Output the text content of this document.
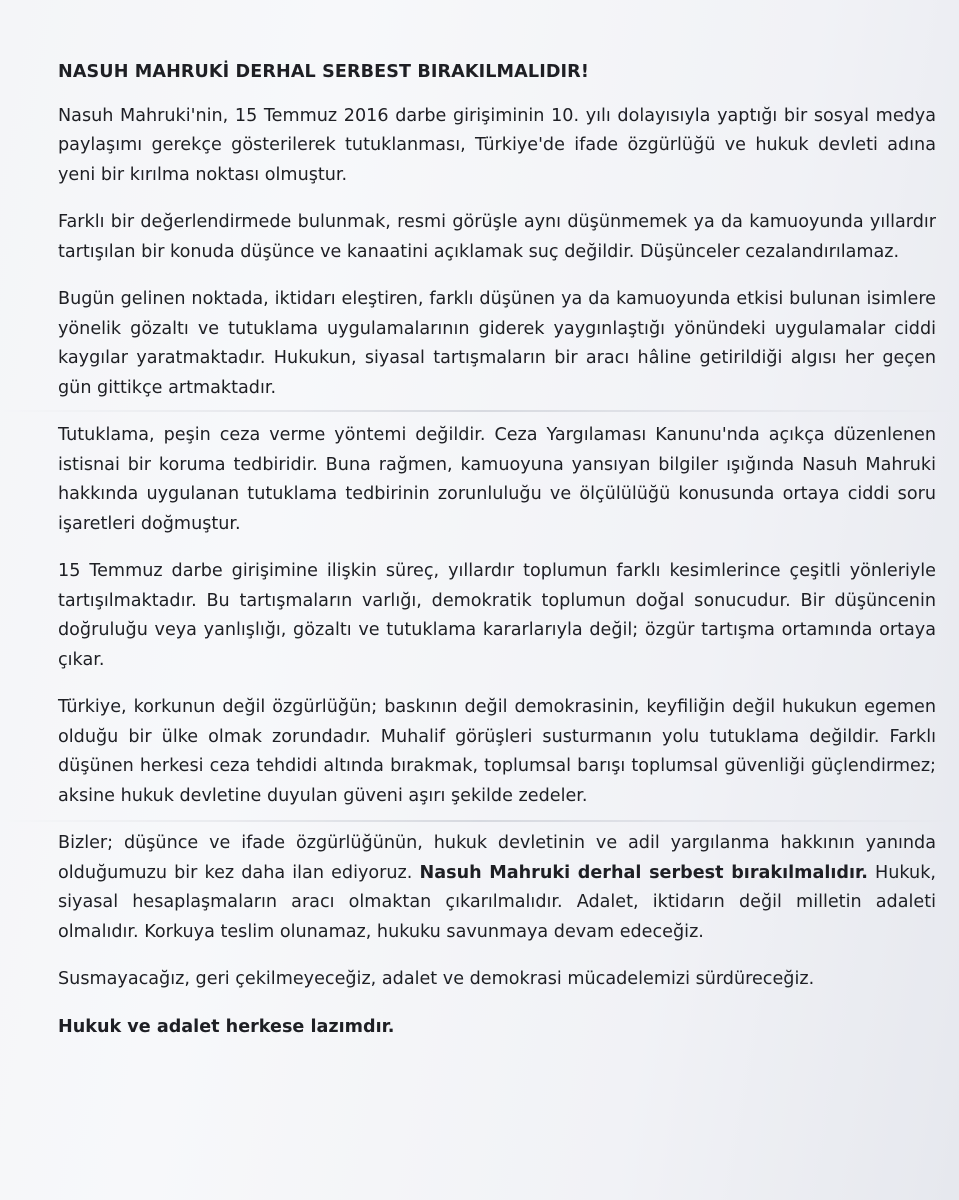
NASUH MAHRUKİ DERHAL SERBEST BIRAKILMALIDIR!

Nasuh Mahruki'nin, 15 Temmuz 2016 darbe girişiminin 10. yılı dolayısıyla yaptığı bir sosyal medya paylaşımı gerekçe gösterilerek tutuklanması, Türkiye'de ifade özgürlüğü ve hukuk devleti adına yeni bir kırılma noktası olmuştur.

Farklı bir değerlendirmede bulunmak, resmi görüşle aynı düşünmemek ya da kamuoyunda yıllardır tartışılan bir konuda düşünce ve kanaatini açıklamak suç değildir. Düşünceler cezalandırılamaz.

Bugün gelinen noktada, iktidarı eleştiren, farklı düşünen ya da kamuoyunda etkisi bulunan isimlere yönelik gözaltı ve tutuklama uygulamalarının giderek yaygınlaştığı yönündeki uygulamalar ciddi kaygılar yaratmaktadır. Hukukun, siyasal tartışmaların bir aracı hâline getirildiği algısı her geçen gün gittikçe artmaktadır.

Tutuklama, peşin ceza verme yöntemi değildir. Ceza Yargılaması Kanunu'nda açıkça düzenlenen istisnai bir koruma tedbiridir. Buna rağmen, kamuoyuna yansıyan bilgiler ışığında Nasuh Mahruki hakkında uygulanan tutuklama tedbirinin zorunluluğu ve ölçülülüğü konusunda ortaya ciddi soru işaretleri doğmuştur.

15 Temmuz darbe girişimine ilişkin süreç, yıllardır toplumun farklı kesimlerince çeşitli yönleriyle tartışılmaktadır. Bu tartışmaların varlığı, demokratik toplumun doğal sonucudur. Bir düşüncenin doğruluğu veya yanlışlığı, gözaltı ve tutuklama kararlarıyla değil; özgür tartışma ortamında ortaya çıkar.

Türkiye, korkunun değil özgürlüğün; baskının değil demokrasinin, keyfiliğin değil hukukun egemen olduğu bir ülke olmak zorundadır. Muhalif görüşleri susturmanın yolu tutuklama değildir. Farklı düşünen herkesi ceza tehdidi altında bırakmak, toplumsal barışı toplumsal güvenliği güçlendirmez; aksine hukuk devletine duyulan güveni aşırı şekilde zedeler.

Bizler; düşünce ve ifade özgürlüğünün, hukuk devletinin ve adil yargılanma hakkının yanında olduğumuzu bir kez daha ilan ediyoruz. Nasuh Mahruki derhal serbest bırakılmalıdır. Hukuk, siyasal hesaplaşmaların aracı olmaktan çıkarılmalıdır. Adalet, iktidarın değil milletin adaleti olmalıdır. Korkuya teslim olunamaz, hukuku savunmaya devam edeceğiz.

Susmayacağız, geri çekilmeyeceğiz, adalet ve demokrasi mücadelemizi sürdüreceğiz.

Hukuk ve adalet herkese lazımdır.
